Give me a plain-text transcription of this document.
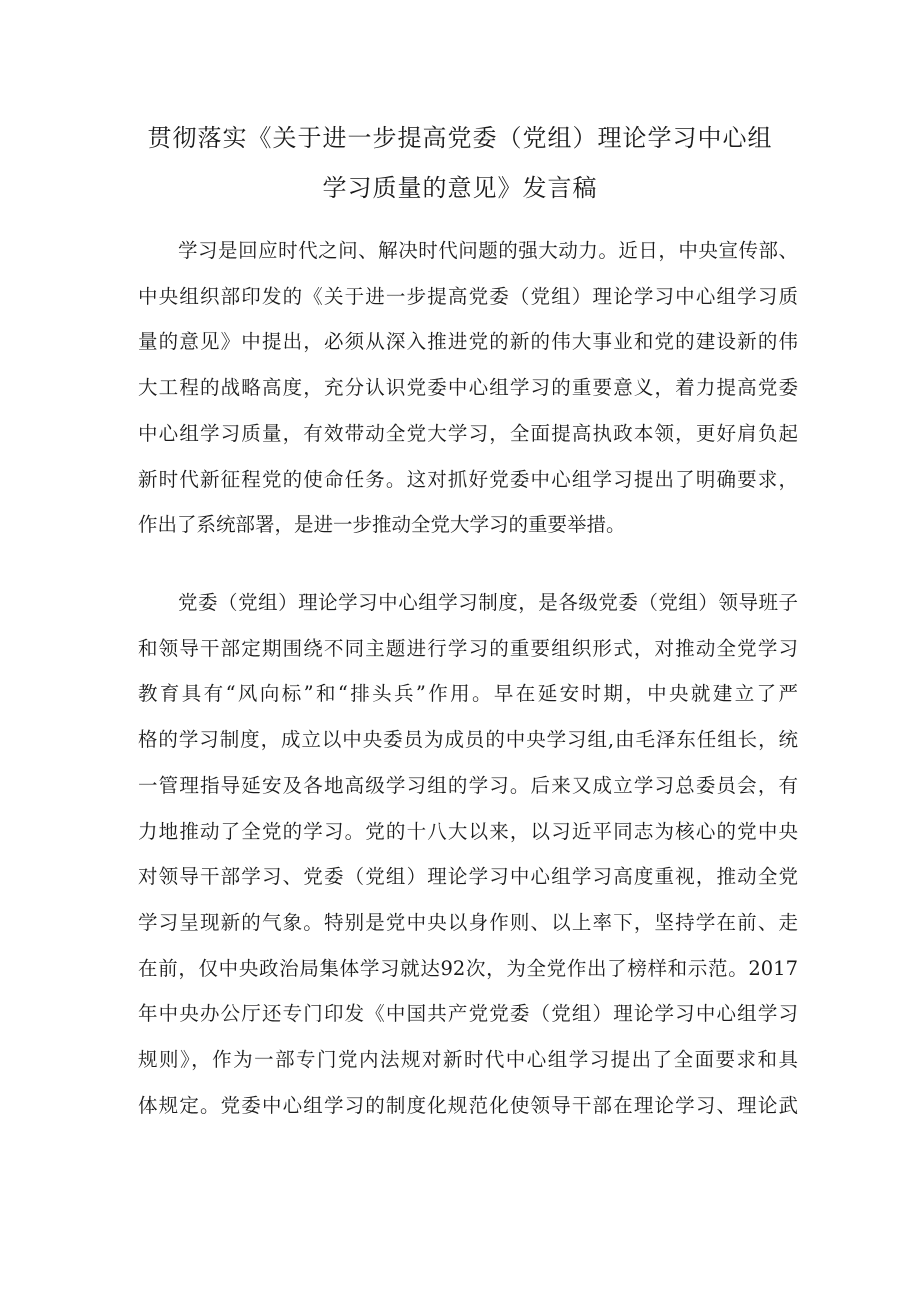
贯彻落实《关于进一步提高党委（党组）理论学习中心组
学习质量的意见》发言稿
　　学习是回应时代之问、解决时代问题的强大动力。近日，中央宣传部、
中央组织部印发的《关于进一步提高党委（党组）理论学习中心组学习质
量的意见》中提出，必须从深入推进党的新的伟大事业和党的建设新的伟
大工程的战略高度，充分认识党委中心组学习的重要意义，着力提高党委
中心组学习质量，有效带动全党大学习，全面提高执政本领，更好肩负起
新时代新征程党的使命任务。这对抓好党委中心组学习提出了明确要求，
作出了系统部署，是进一步推动全党大学习的重要举措。
　　党委（党组）理论学习中心组学习制度，是各级党委（党组）领导班子
和领导干部定期围绕不同主题进行学习的重要组织形式，对推动全党学习
教育具有“风向标”和“排头兵”作用。早在延安时期，中央就建立了严
格的学习制度，成立以中央委员为成员的中央学习组,由毛泽东任组长，统
一管理指导延安及各地高级学习组的学习。后来又成立学习总委员会，有
力地推动了全党的学习。党的十八大以来，以习近平同志为核心的党中央
对领导干部学习、党委（党组）理论学习中心组学习高度重视，推动全党
学习呈现新的气象。特别是党中央以身作则、以上率下，坚持学在前、走
在前，仅中央政治局集体学习就达92次，为全党作出了榜样和示范。2017
年中央办公厅还专门印发《中国共产党党委（党组）理论学习中心组学习
规则》，作为一部专门党内法规对新时代中心组学习提出了全面要求和具
体规定。党委中心组学习的制度化规范化使领导干部在理论学习、理论武
